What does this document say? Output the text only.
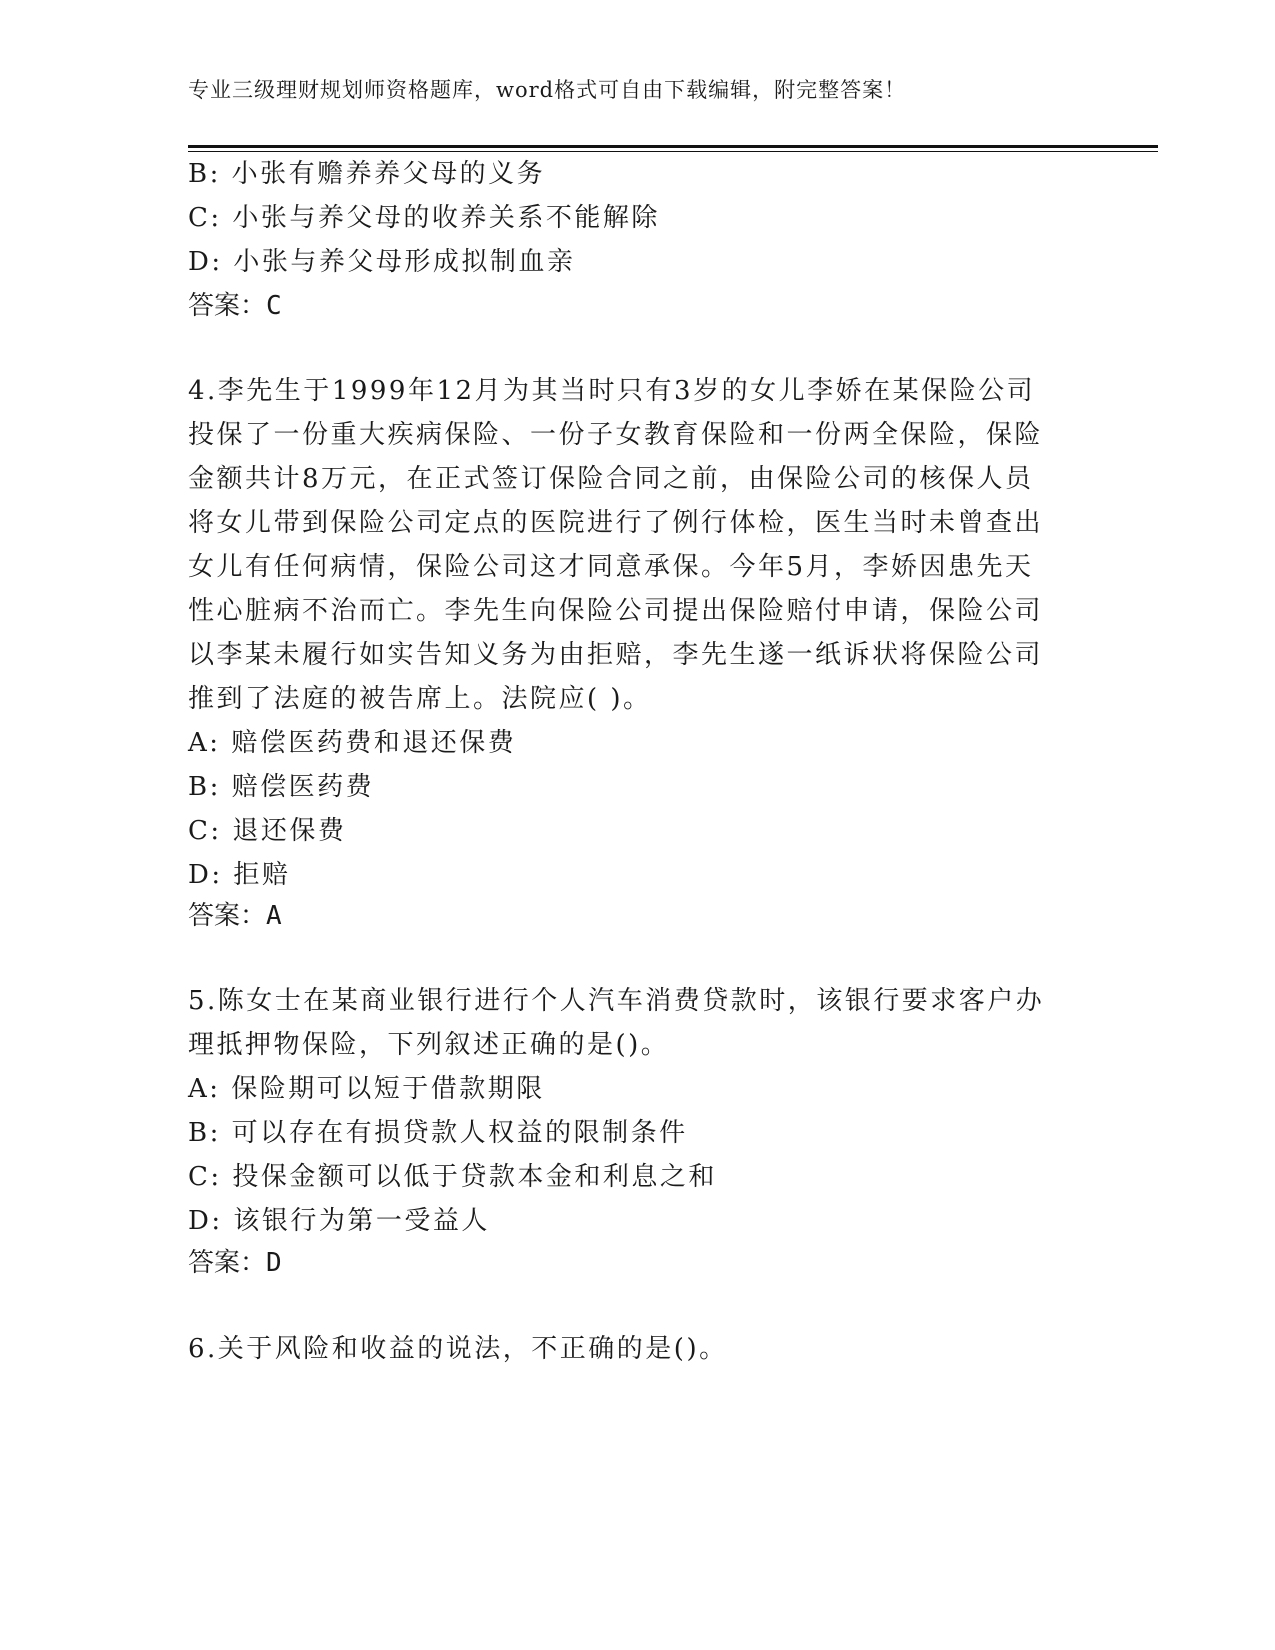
专业三级理财规划师资格题库，word格式可自由下载编辑，附完整答案！
B: 小张有赡养养父母的义务
C: 小张与养父母的收养关系不能解除
D: 小张与养父母形成拟制血亲
答案：C
4.李先生于1999年12月为其当时只有3岁的女儿李娇在某保险公司
投保了一份重大疾病保险、一份子女教育保险和一份两全保险，保险
金额共计8万元，在正式签订保险合同之前，由保险公司的核保人员
将女儿带到保险公司定点的医院进行了例行体检，医生当时未曾查出
女儿有任何病情，保险公司这才同意承保。今年5月，李娇因患先天
性心脏病不治而亡。李先生向保险公司提出保险赔付申请，保险公司
以李某未履行如实告知义务为由拒赔，李先生遂一纸诉状将保险公司
推到了法庭的被告席上。法院应( )。
A: 赔偿医药费和退还保费
B: 赔偿医药费
C: 退还保费
D: 拒赔
答案：A
5.陈女士在某商业银行进行个人汽车消费贷款时，该银行要求客户办
理抵押物保险，下列叙述正确的是()。
A: 保险期可以短于借款期限
B: 可以存在有损贷款人权益的限制条件
C: 投保金额可以低于贷款本金和利息之和
D: 该银行为第一受益人
答案：D
6.关于风险和收益的说法，不正确的是()。
